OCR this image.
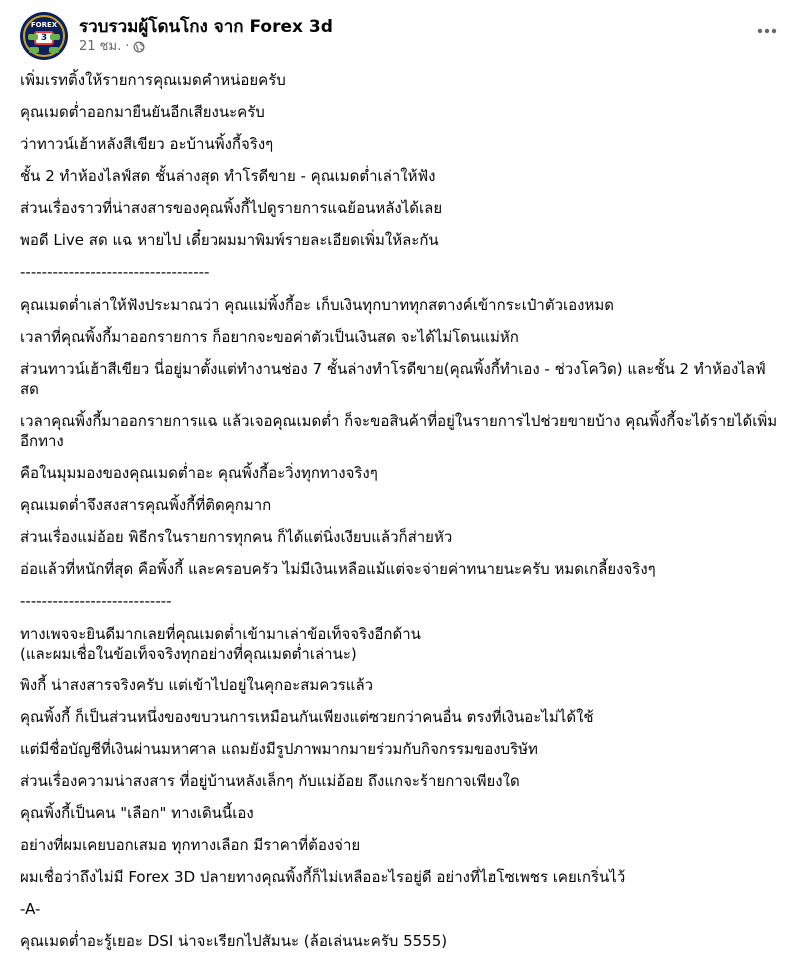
FOREX
3
รวบรวมผู้โดนโกง จาก Forex 3d
21 ชม. ·

เพิ่มเรทติ้งให้รายการคุณเมดคำหน่อยครับ

คุณเมดต่ำออกมายืนยันอีกเสียงนะครับ

ว่าทาวน์เฮ้าหลังสีเขียว อะบ้านพิ้งกี้จริงๆ

ชั้น 2 ทำห้องไลฟ์สด ชั้นล่างสุด ทำโรดีขาย - คุณเมดต่ำเล่าให้ฟัง

ส่วนเรื่องราวที่น่าสงสารของคุณพิ้งกี้ไปดูรายการแฉย้อนหลังได้เลย

พอดี Live สด แฉ หายไป เดี๋ยวผมมาพิมพ์รายละเอียดเพิ่มให้ละกัน

-----------------------------------

คุณเมดต่ำเล่าให้ฟังประมาณว่า คุณแม่พิ้งกี้อะ เก็บเงินทุกบาททุกสตางค์เข้ากระเป๋าตัวเองหมด

เวลาที่คุณพิ้งกี้มาออกรายการ ก็อยากจะขอค่าตัวเป็นเงินสด จะได้ไม่โดนแม่หัก

ส่วนทาวน์เฮ้าสีเขียว นี่อยู่มาตั้งแต่ทำงานช่อง 7 ชั้นล่างทำโรดีขาย(คุณพิ้งกี้ทำเอง - ช่วงโควิด) และชั้น 2 ทำห้องไลฟ์สด

เวลาคุณพิ้งกี้มาออกรายการแฉ แล้วเจอคุณเมดต่ำ ก็จะขอสินค้าที่อยู่ในรายการไปช่วยขายบ้าง คุณพิ้งกี้จะได้รายได้เพิ่มอีกทาง

คือในมุมมองของคุณเมดต่ำอะ คุณพิ้งกี้อะวิ่งทุกทางจริงๆ

คุณเมดต่ำจึงสงสารคุณพิ้งกี้ที่ติดคุกมาก

ส่วนเรื่องแม่อ้อย พิธีกรในรายการทุกคน ก็ได้แต่นิ่งเงียบแล้วก็ส่ายหัว

อ่อแล้วที่หนักที่สุด คือพิ้งกี้ และครอบครัว ไม่มีเงินเหลือแม้แต่จะจ่ายค่าทนายนะครับ หมดเกลี้ยงจริงๆ

----------------------------

ทางเพจจะยินดีมากเลยที่คุณเมดต่ำเข้ามาเล่าข้อเท็จจริงอีกด้าน
(และผมเชื่อในข้อเท็จจริงทุกอย่างที่คุณเมดต่ำเล่านะ)

พิงกี้ น่าสงสารจริงครับ แต่เข้าไปอยู่ในคุกอะสมควรแล้ว

คุณพิ้งกี้ ก็เป็นส่วนหนึ่งของขบวนการเหมือนกันเพียงแต่ซวยกว่าคนอื่น ตรงที่เงินอะไม่ได้ใช้

แต่มีชื่อบัญชีที่เงินผ่านมหาศาล แถมยังมีรูปภาพมากมายร่วมกับกิจกรรมของบริษัท

ส่วนเรื่องความน่าสงสาร ที่อยู่บ้านหลังเล็กๆ กับแม่อ้อย ถึงแกจะร้ายกาจเพียงใด

คุณพิ้งกี้เป็นคน "เลือก" ทางเดินนี้เอง

อย่างที่ผมเคยบอกเสมอ ทุกทางเลือก มีราคาที่ต้องจ่าย

ผมเชื่อว่าถึงไม่มี Forex 3D ปลายทางคุณพิ้งกี้ก็ไม่เหลืออะไรอยู่ดี อย่างที่ไฮโซเพชร เคยเกริ่นไว้

-A-

คุณเมดต่ำอะรู้เยอะ DSI น่าจะเรียกไปสัมนะ (ล้อเล่นนะครับ 5555)
